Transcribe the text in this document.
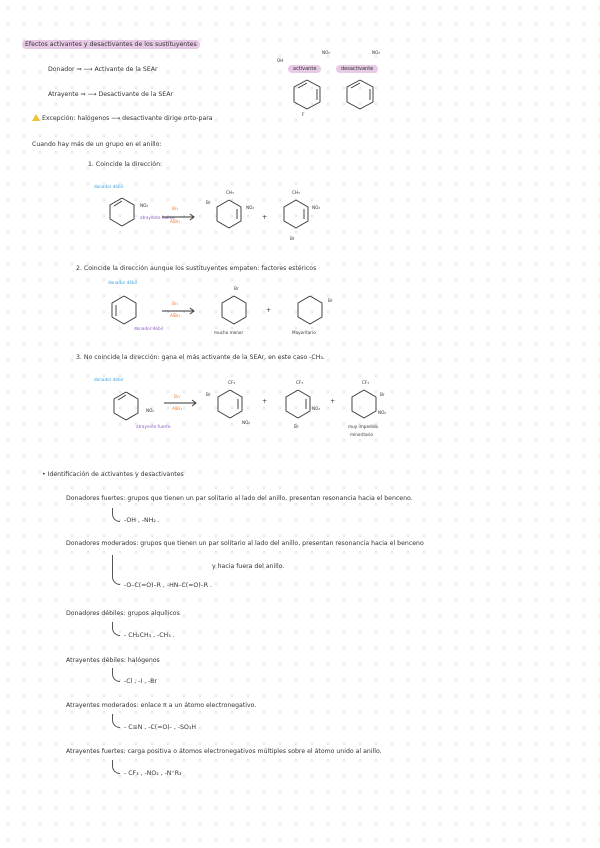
Efectos activantes y desactivantes de los sustituyentes
Donador ⇒ ⟶ Activante de la SEAr
Atrayente ⇒ ⟶ Desactivante de la SEAr
Excepción: halógenos ⟶ desactivante dirige orto-para
Cuando hay más de un grupo en el anillo:
OH
NO₂	NO₂
activante	desactivante
F
1. Coincide la dirección:
donador débil
NO₂
atrayente fuerte
Br₂
AlBr₃
CH₃
Br
NO₂
+
CH₃
NO₂
Br
2. Coincide la dirección aunque los sustituyentes empaten: factores estéricos
donador débil
donador débil
Br₂
AlBr₃
Br
mucho menor
+
Br
Mayoritario
3. No coincide la dirección: gana el más activante de la SEAr, en este caso -CH₃.
donador débil
NO₂
atrayente fuerte
Br₂
AlBr₃
CF₃
Br
NO₂
+
CF₃
NO₂
Br
+
CF₃
Br
NO₂
muy impedido
minoritario
• Identificación de activantes y desactivantes
Donadores fuertes: grupos que tienen un par solitario al lado del anillo, presentan resonancia hacia el benceno.
-OH , -NH₂ .
Donadores moderados: grupos que tienen un par solitario al lado del anillo, presentan resonancia hacia el benceno
y hacia fuera del anillo.
-O–C(=O)–R , -HN–C(=O)–R .
Donadores débiles: grupos alquílicos
- CH₂CH₃ , -CH₃ .
Atrayentes débiles: halógenos
-Cl , -I , -Br
Atrayentes moderados: enlace π a un átomo electronegativo.
- C≡N , -C(=O)- , -SO₃H
Atrayentes fuertes: carga positiva o átomos electronegativos múltiples sobre el átomo unido al anillo.
- CF₃ , -NO₂ , -N⁺R₃
